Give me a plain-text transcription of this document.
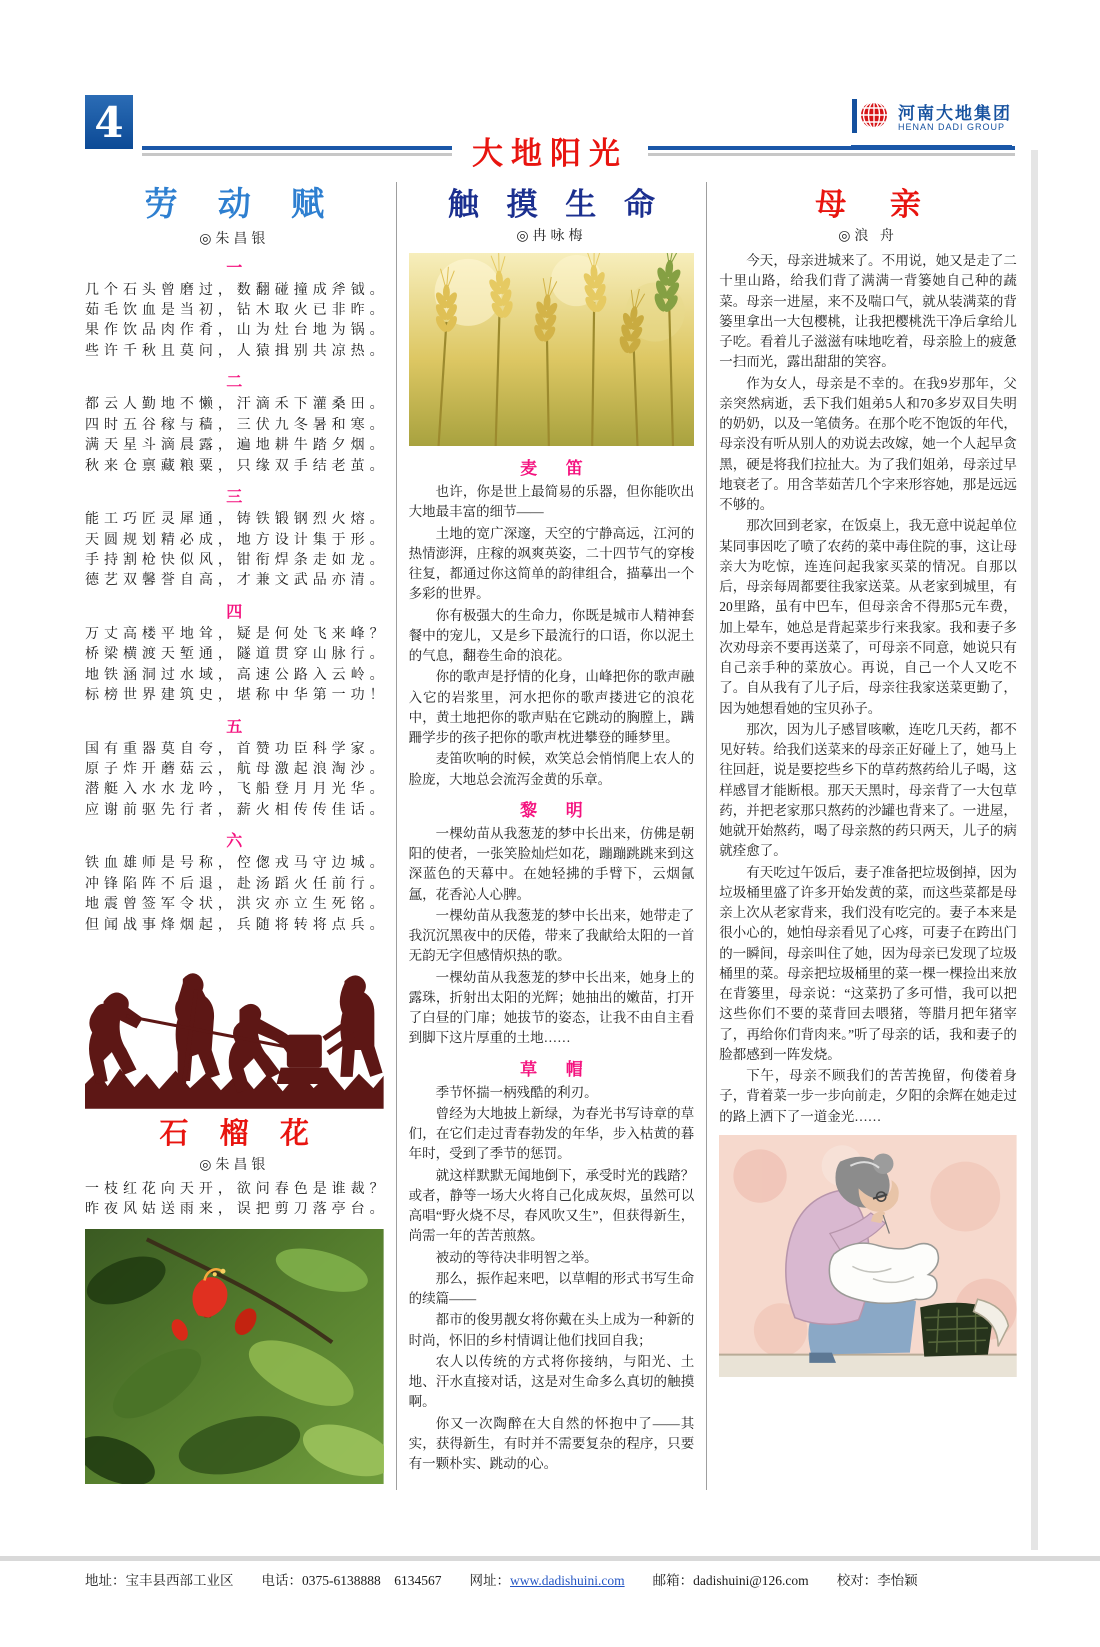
4
大地阳光
河南大地集团
HENAN DADI GROUP
劳 动 赋
◎朱昌银
一

几个石头曾磨过，数翻碰撞成斧钺。

茹毛饮血是当初，钻木取火已非昨。

果作饮品肉作肴，山为灶台地为锅。

些许千秋且莫问，人猿揖别共凉热。

二

都云人勤地不懒，汗滴禾下灌桑田。

四时五谷稼与穑，三伏九冬暑和寒。

满天星斗滴晨露，遍地耕牛踏夕烟。

秋来仓禀藏粮粟，只缘双手结老茧。

三

能工巧匠灵犀通，铸铁锻钢烈火熔。

天圆规划精必成，地方设计集于形。

手持割枪快似风，钳衔焊条走如龙。

德艺双馨誉自高，才兼文武品亦清。

四

万丈高楼平地耸，疑是何处飞来峰？

桥梁横渡天堑通，隧道贯穿山脉行。

地铁涵洞过水域，高速公路入云岭。

标榜世界建筑史，堪称中华第一功！

五

国有重器莫自夸，首赞功臣科学家。

原子炸开蘑菇云，航母激起浪淘沙。

潜艇入水水龙吟，飞船登月月光华。

应谢前驱先行者，薪火相传传佳话。

六

铁血雄师是号称，倥偬戎马守边城。

冲锋陷阵不后退，赴汤蹈火任前行。

地震曾签军令状，洪灾亦立生死铭。

但闻战事烽烟起，兵随将转将点兵。

石 榴 花
◎朱昌银

一枝红花向天开，欲问春色是谁裁？

昨夜风姑送雨来，误把剪刀落亭台。

触 摸 生 命
◎冉咏梅
麦 笛

也许，你是世上最简易的乐器，但你能吹出大地最丰富的细节——

土地的宽广深邃，天空的宁静高远，江河的热情澎湃，庄稼的飒爽英姿，二十四节气的穿梭往复，都通过你这简单的韵律组合，描摹出一个多彩的世界。

你有极强大的生命力，你既是城市人精神套餐中的宠儿，又是乡下最流行的口语，你以泥土的气息，翻卷生命的浪花。

你的歌声是抒情的化身，山峰把你的歌声融入它的岩浆里，河水把你的歌声搂进它的浪花中，黄土地把你的歌声贴在它跳动的胸膛上，蹒跚学步的孩子把你的歌声枕进攀登的睡梦里。

麦笛吹响的时候，欢笑总会悄悄爬上农人的脸庞，大地总会流泻金黄的乐章。

黎 明

一棵幼苗从我葱茏的梦中长出来，仿佛是朝阳的使者，一张笑脸灿烂如花，蹦蹦跳跳来到这深蓝色的天幕中。在她轻拂的手臂下，云烟氤氲，花香沁人心脾。

一棵幼苗从我葱茏的梦中长出来，她带走了我沉沉黑夜中的厌倦，带来了我献给太阳的一首无韵无字但感情炽热的歌。

一棵幼苗从我葱茏的梦中长出来，她身上的露珠，折射出太阳的光辉；她抽出的嫩苗，打开了白昼的门扉；她拔节的姿态，让我不由自主看到脚下这片厚重的土地……

草 帽

季节怀揣一柄残酷的利刃。

曾经为大地披上新绿，为春光书写诗章的草们，在它们走过青春勃发的年华，步入枯黄的暮年时，受到了季节的惩罚。

就这样默默无闻地倒下，承受时光的践踏？或者，静等一场大火将自己化成灰烬，虽然可以高唱“野火烧不尽，春风吹又生”，但获得新生，尚需一年的苦苦煎熬。

被动的等待决非明智之举。

那么，振作起来吧，以草帽的形式书写生命的续篇——

都市的俊男靓女将你戴在头上成为一种新的时尚，怀旧的乡村情调让他们找回自我；

农人以传统的方式将你接纳，与阳光、土地、汗水直接对话，这是对生命多么真切的触摸啊。

你又一次陶醉在大自然的怀抱中了——其实，获得新生，有时并不需要复杂的程序，只要有一颗朴实、跳动的心。

母 亲
◎浪 舟

今天，母亲进城来了。不用说，她又是走了二十里山路，给我们背了满满一背篓她自己种的蔬菜。母亲一进屋，来不及喘口气，就从装满菜的背篓里拿出一大包樱桃，让我把樱桃洗干净后拿给儿子吃。看着儿子滋滋有味地吃着，母亲脸上的疲惫一扫而光，露出甜甜的笑容。

作为女人，母亲是不幸的。在我9岁那年，父亲突然病逝，丢下我们姐弟5人和70多岁双目失明的奶奶，以及一笔债务。在那个吃不饱饭的年代，母亲没有听从别人的劝说去改嫁，她一个人起早贪黑，硬是将我们拉扯大。为了我们姐弟，母亲过早地衰老了。用含莘茹苦几个字来形容她，那是远远不够的。

那次回到老家，在饭桌上，我无意中说起单位某同事因吃了喷了农药的菜中毒住院的事，这让母亲大为吃惊，连连问起我家买菜的情况。自那以后，母亲每周都要往我家送菜。从老家到城里，有20里路，虽有中巴车，但母亲舍不得那5元车费，加上晕车，她总是背起菜步行来我家。我和妻子多次劝母亲不要再送菜了，可母亲不同意，她说只有自己亲手种的菜放心。再说，自己一个人又吃不了。自从我有了儿子后，母亲往我家送菜更勤了，因为她想看她的宝贝孙子。

那次，因为儿子感冒咳嗽，连吃几天药，都不见好转。给我们送菜来的母亲正好碰上了，她马上往回赶，说是要挖些乡下的草药熬药给儿子喝，这样感冒才能断根。那天天黑时，母亲背了一大包草药，并把老家那只熬药的沙罐也背来了。一进屋，她就开始熬药，喝了母亲熬的药只两天，儿子的病就痊愈了。

有天吃过午饭后，妻子准备把垃圾倒掉，因为垃圾桶里盛了许多开始发黄的菜，而这些菜都是母亲上次从老家背来，我们没有吃完的。妻子本来是很小心的，她怕母亲看见了心疼，可妻子在跨出门的一瞬间，母亲叫住了她，因为母亲已发现了垃圾桶里的菜。母亲把垃圾桶里的菜一棵一棵捡出来放在背篓里，母亲说：“这菜扔了多可惜，我可以把这些你们不要的菜背回去喂猪，等腊月把年猪宰了，再给你们背肉来。”听了母亲的话，我和妻子的脸都感到一阵发烧。

下午，母亲不顾我们的苦苦挽留，佝偻着身子，背着菜一步一步向前走，夕阳的余辉在她走过的路上洒下了一道金光……

地址：宝丰县西部工业区 电话：0375-6138888　6134567 网址：www.dadishuini.com 邮箱：dadishuini@126.com 校对：李怡颖
